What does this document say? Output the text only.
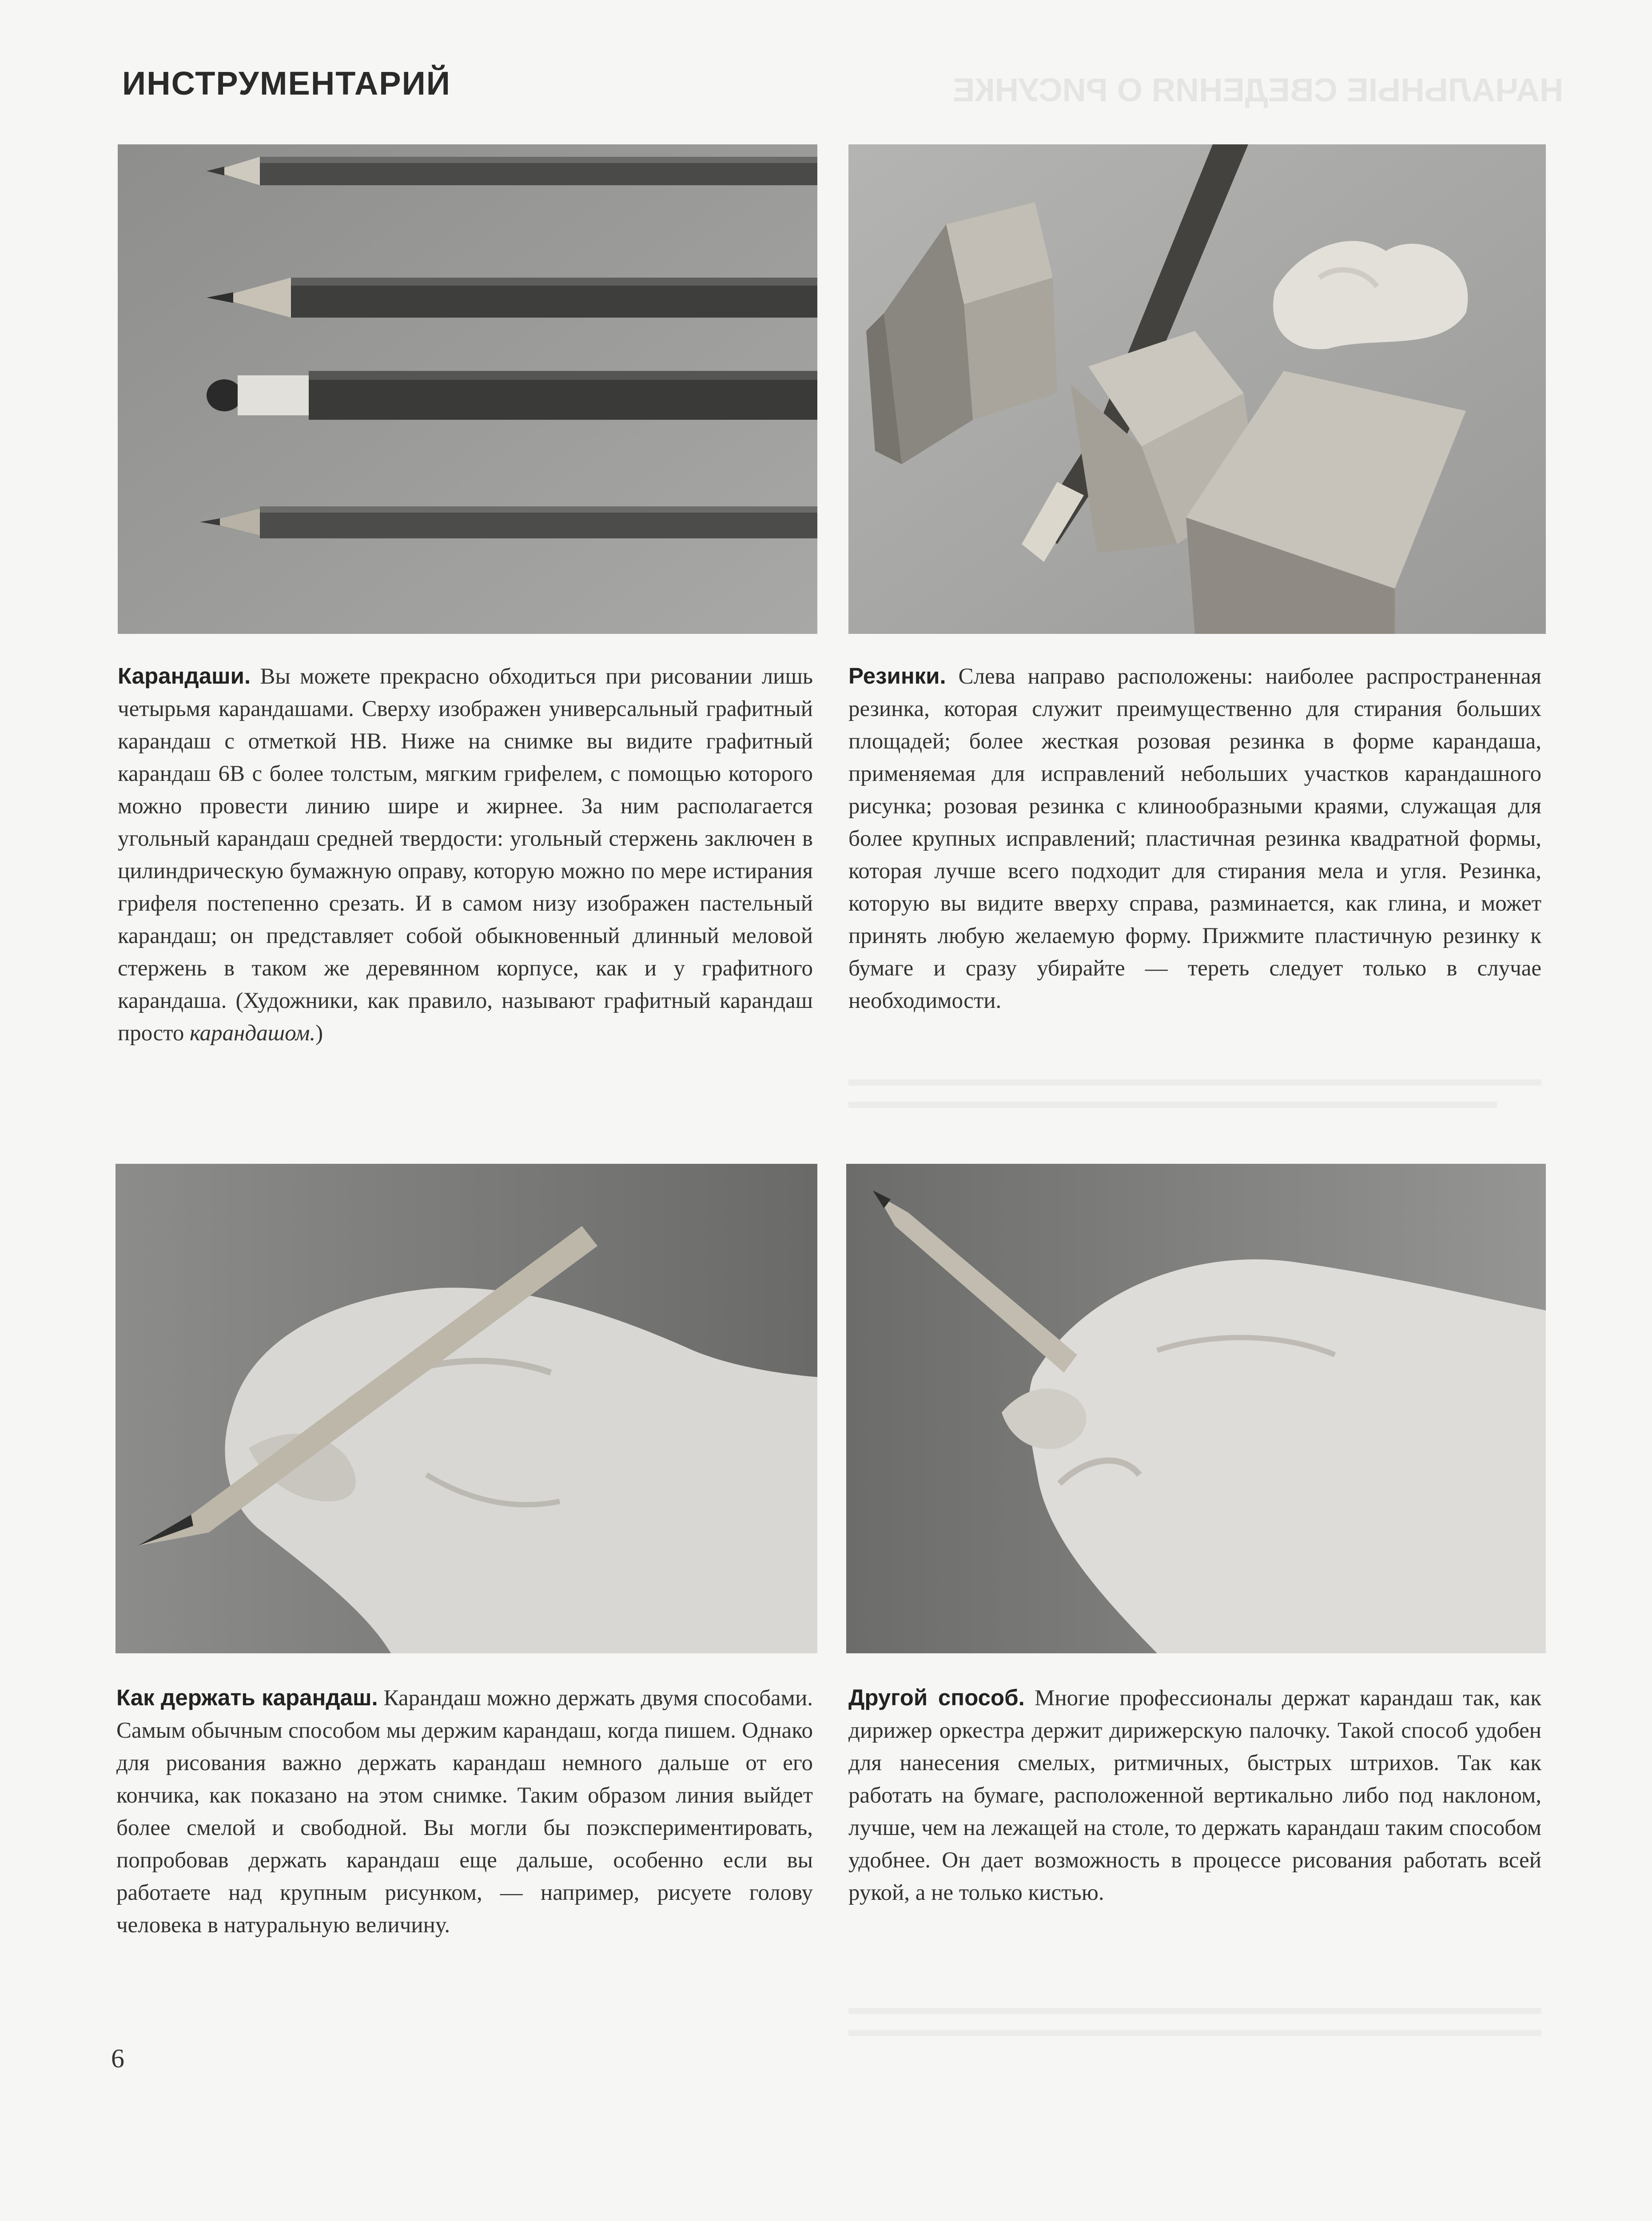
ИНСТРУМЕНТАРИЙ	НАЧАЛЬНЫЕ СВЕДЕНИЯ О РИСУНКЕ
Карандаши. Вы можете прекрасно обходиться при рисовании лишь четырьмя карандашами. Сверху изображен универсальный графитный карандаш с отметкой НВ. Ниже на снимке вы видите графитный карандаш 6В с более толстым, мягким грифелем, с помощью которого можно провести линию шире и жирнее. За ним располагается угольный карандаш средней твердости: угольный стержень заключен в цилиндрическую бумажную оправу, которую можно по мере истирания грифеля постепенно срезать. И в самом низу изображен пастельный карандаш; он представляет собой обыкновенный длинный меловой стержень в таком же деревянном корпусе, как и у графитного карандаша. (Художники, как правило, называют графитный карандаш просто карандашом.)
Резинки. Слева направо расположены: наиболее распространенная резинка, которая служит преимущественно для стирания больших площадей; более жесткая розовая резинка в форме карандаша, применяемая для исправлений небольших участков карандашного рисунка; розовая резинка с клинообразными краями, служащая для более крупных исправлений; пластичная резинка квадратной формы, которая лучше всего подходит для стирания мела и угля. Резинка, которую вы видите вверху справа, разминается, как глина, и может принять любую желаемую форму. Прижмите пластичную резинку к бумаге и сразу убирайте — тереть следует только в случае необходимости.
Как держать карандаш. Карандаш можно держать двумя способами. Самым обычным способом мы держим карандаш, когда пишем. Однако для рисования важно держать карандаш немного дальше от его кончика, как показано на этом снимке. Таким образом линия выйдет более смелой и свободной. Вы могли бы поэкспериментировать, попробовав держать карандаш еще дальше, особенно если вы работаете над крупным рисунком, — например, рисуете голову человека в натуральную величину.
Другой способ. Многие профессионалы держат карандаш так, как дирижер оркестра держит дирижерскую палочку. Такой способ удобен для нанесения смелых, ритмичных, быстрых штрихов. Так как работать на бумаге, расположенной вертикально либо под наклоном, лучше, чем на лежащей на столе, то держать карандаш таким способом удобнее. Он дает возможность в процессе рисования работать всей рукой, а не только кистью.
6
